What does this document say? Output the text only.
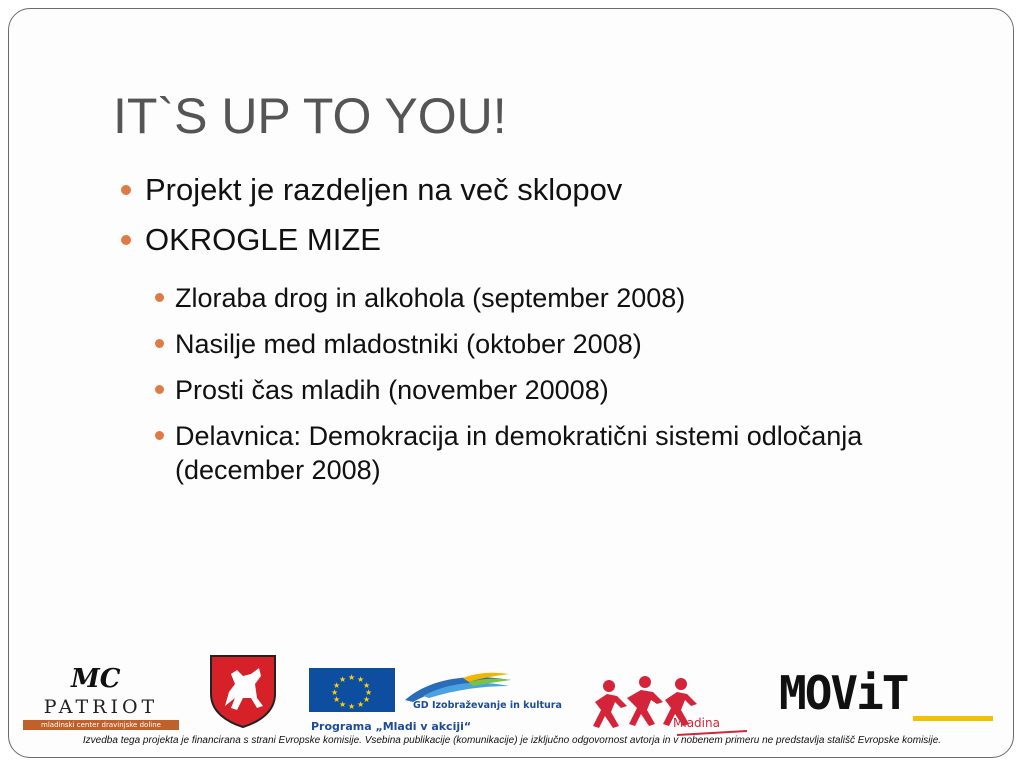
IT`S UP TO YOU!
Projekt je razdeljen na več sklopov
OKROGLE MIZE
Zloraba drog in alkohola (september 2008)
Nasilje med mladostniki (oktober 2008)
Prosti čas mladih (november 20008)
Delavnica: Demokracija in demokratični sistemi odločanja (december 2008)
MC
PATRIOT
mladinski center dravinjske doline
★ ★
★
★
★
★
★
★
★
★
★
★
GD Izobraževanje in kultura
Programa „Mladi v akciji“	Mladina
MOViT
Izvedba tega projekta je financirana s strani Evropske komisije. Vsebina publikacije (komunikacije) je izključno odgovornost avtorja in v nobenem primeru ne predstavlja stališč Evropske komisije.
